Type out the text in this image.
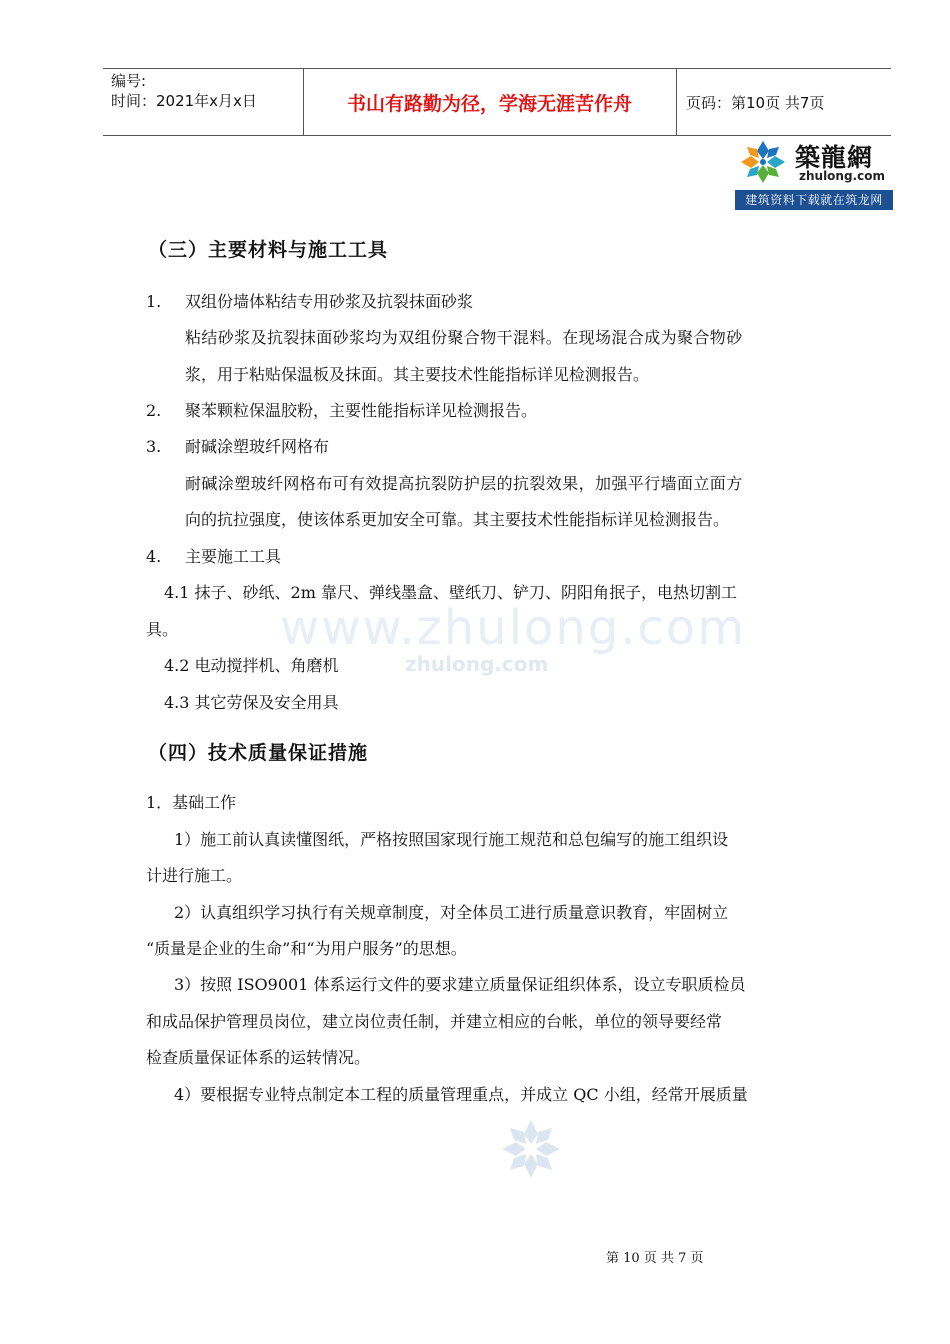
编号:
时间：2021年x月x日	书山有路勤为径，学海无涯苦作舟	页码：第10页 共7页
築龍網
zhulong.com
建筑资料下载就在筑龙网
www.zhulong.com
zhulong.com
（三）主要材料与施工工具
1. 双组份墙体粘结专用砂浆及抗裂抹面砂浆
粘结砂浆及抗裂抹面砂浆均为双组份聚合物干混料。在现场混合成为聚合物砂
浆，用于粘贴保温板及抹面。其主要技术性能指标详见检测报告。
2. 聚苯颗粒保温胶粉，主要性能指标详见检测报告。
3. 耐碱涂塑玻纤网格布
耐碱涂塑玻纤网格布可有效提高抗裂防护层的抗裂效果，加强平行墙面立面方
向的抗拉强度，使该体系更加安全可靠。其主要技术性能指标详见检测报告。
4. 主要施工工具
4.1 抹子、砂纸、2m 靠尺、弹线墨盒、壁纸刀、铲刀、阴阳角抿子，电热切割工
具。
4.2 电动搅拌机、角磨机
4.3 其它劳保及安全用具
（四）技术质量保证措施
1．基础工作
1）施工前认真读懂图纸，严格按照国家现行施工规范和总包编写的施工组织设
计进行施工。
2）认真组织学习执行有关规章制度，对全体员工进行质量意识教育，牢固树立
“质量是企业的生命”和“为用户服务”的思想。
3）按照 ISO9001 体系运行文件的要求建立质量保证组织体系，设立专职质检员
和成品保护管理员岗位，建立岗位责任制，并建立相应的台帐，单位的领导要经常
检查质量保证体系的运转情况。
4）要根据专业特点制定本工程的质量管理重点，并成立 QC 小组，经常开展质量
第 10 页 共 7 页
